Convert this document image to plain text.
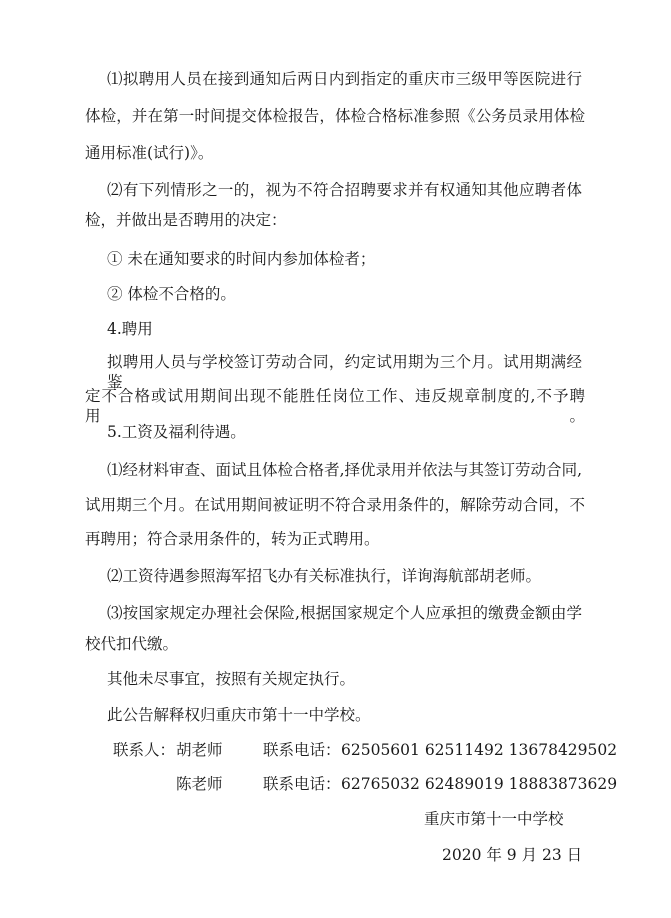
⑴拟聘用人员在接到通知后两日内到指定的重庆市三级甲等医院进行
体检，并在第一时间提交体检报告，体检合格标准参照《公务员录用体检
通用标准(试行)》。
⑵有下列情形之一的，视为不符合招聘要求并有权通知其他应聘者体
检，并做出是否聘用的决定：
① 未在通知要求的时间内参加体检者；
② 体检不合格的。
4.聘用
拟聘用人员与学校签订劳动合同，约定试用期为三个月。试用期满经鉴
定不合格或试用期间出现不能胜任岗位工作、违反规章制度的,不予聘用。
5.工资及福利待遇。
⑴经材料审查、面试且体检合格者,择优录用并依法与其签订劳动合同,
试用期三个月。在试用期间被证明不符合录用条件的，解除劳动合同，不
再聘用；符合录用条件的，转为正式聘用。
⑵工资待遇参照海军招飞办有关标准执行，详询海航部胡老师。
⑶按国家规定办理社会保险,根据国家规定个人应承担的缴费金额由学
校代扣代缴。
其他未尽事宜，按照有关规定执行。
此公告解释权归重庆市第十一中学校。
联系人： 胡老师	联系电话： 62505601 62511492 13678429502
陈老师	联系电话： 62765032 62489019 18883873629
重庆市第十一中学校
2020 年 9 月 23 日
